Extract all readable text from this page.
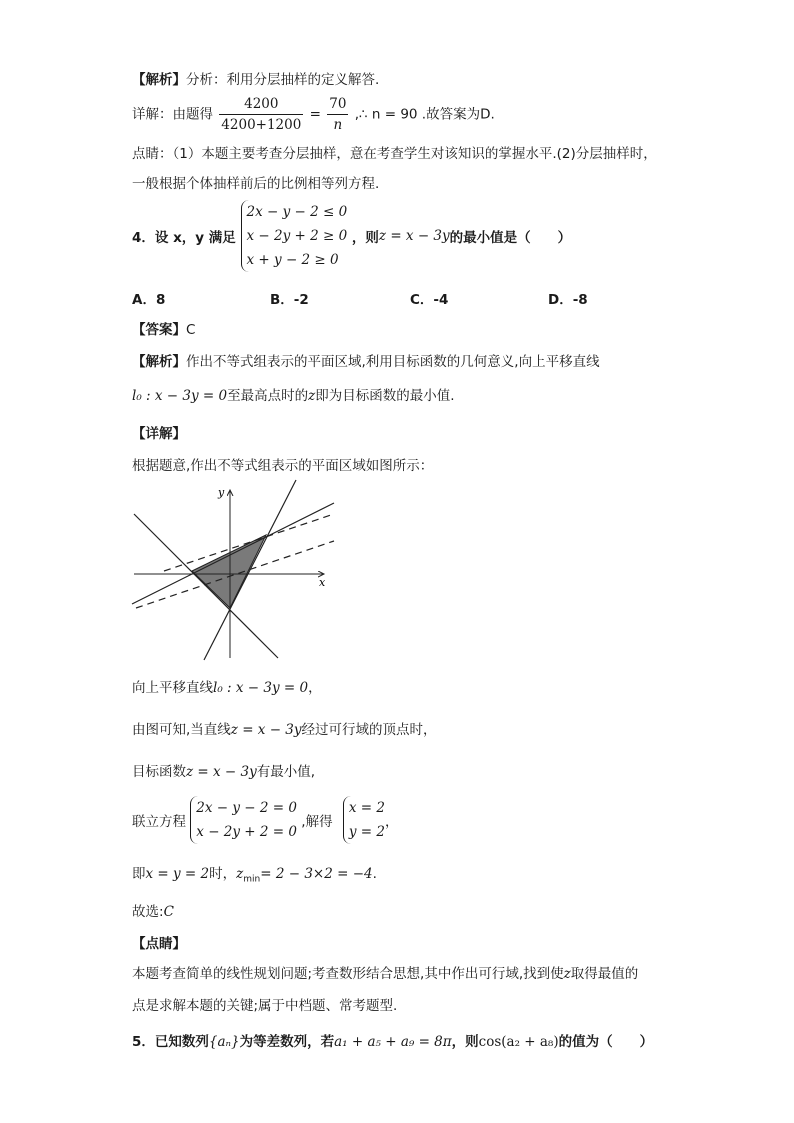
【解析】分析：利用分层抽样的定义解答.
详解：由题得 $\frac{4200}{4200+1200} = \frac{70}{n}$ ,∴ n = 90 .故答案为D.
点睛：（1）本题主要考查分层抽样，意在考查学生对该知识的掌握水平.(2)分层抽样时，
一般根据个体抽样前后的比例相等列方程.
4．设 x，y 满足
2x − y − 2 ≤ 0
x − 2y + 2 ≥ 0
x + y − 2 ≥ 0
，则z = x − 3y的最小值是（　　）
A．8	B．-2	C．-4	D．-8
【答案】C
【解析】作出不等式组表示的平面区域,利用目标函数的几何意义,向上平移直线
l₀ : x − 3y = 0至最高点时的z即为目标函数的最小值.
【详解】
根据题意,作出不等式组表示的平面区域如图所示：
x
y
向上平移直线l₀ : x − 3y = 0，
由图可知,当直线z = x − 3y经过可行域的顶点时，
目标函数z = x − 3y有最小值,
联立方程
2x − y − 2 = 0
x − 2y + 2 = 0
,解得
x = 2
y = 2
，
即x = y = 2时，$z_{min}= 2 - 3\times 2 = -4$.
故选:C
【点睛】
本题考查简单的线性规划问题;考查数形结合思想,其中作出可行域,找到使z取得最值的
点是求解本题的关键;属于中档题、常考题型.
5．已知数列{aₙ}为等差数列，若a₁ + a₅ + a₉ = 8π，则cos(a₂ + a₈)的值为（　　）
